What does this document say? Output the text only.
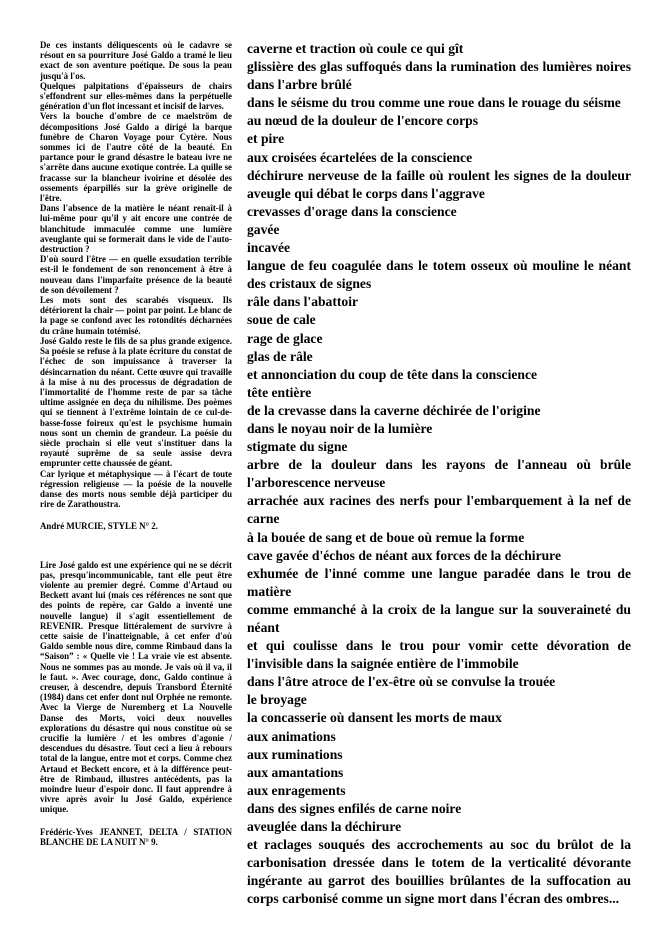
De ces instants déliquescents où le cadavre se résout en sa pourriture José Galdo a tramé le lieu exact de son aventure poétique. De sous la peau jusqu'à l'os.

Quelques palpitations d'épaisseurs de chairs s'effondrent sur elles-mêmes dans la perpétuelle génération d'un flot incessant et incisif de larves.

Vers la bouche d'ombre de ce maelström de décompositions José Galdo a dirigé la barque funèbre de Charon Voyage pour Cytère. Nous sommes ici de l'autre côté de la beauté. En partance pour le grand désastre le bateau ivre ne s'arrête dans aucune exotique contrée. La quille se fracasse sur la blancheur ivoirine et désolée des ossements éparpillés sur la grève originelle de l'être.

Dans l'absence de la matière le néant renaît-il à lui-même pour qu'il y ait encore une contrée de blanchitude immaculée comme une lumière aveuglante qui se formerait dans le vide de l'auto-destruction ?

D'où sourd l'être — en quelle exsudation terrible est-il le fondement de son renoncement à être à nouveau dans l'imparfaite présence de la beauté de son dévoilement ?

Les mots sont des scarabés visqueux. Ils détériorent la chair — point par point. Le blanc de la page se confond avec les rotondités décharnées du crâne humain totémisé.

José Galdo reste le fils de sa plus grande exigence. Sa poésie se refuse à la plate écriture du constat de l'échec de son impuissance à traverser la désincarnation du néant. Cette œuvre qui travaille à la mise à nu des processus de dégradation de l'immortalité de l'homme reste de par sa tâche ultime assignée en deça du nihilisme. Des poèmes qui se tiennent à l'extrême lointain de ce cul-de-basse-fosse foireux qu'est le psychisme humain nous sont un chemin de grandeur. La poésie du siècle prochain si elle veut s'instituer dans la royauté suprême de sa seule assise devra emprunter cette chaussée de géant.

Car lyrique et métaphysique — à l'écart de toute régression religieuse — la poésie de la nouvelle danse des morts nous semble déjà participer du rire de Zarathoustra.

André MURCIE, STYLE N° 2.

Lire José galdo est une expérience qui ne se décrit pas, presqu'incommunicable, tant elle peut être violente au premier degré. Comme d'Artaud ou Beckett avant lui (mais ces références ne sont que des points de repère, car Galdo a inventé une nouvelle langue) il s'agit essentiellement de REVENIR. Presque littéralement de survivre à cette saisie de l'inatteignable, à cet enfer d'où Galdo semble nous dire, comme Rimbaud dans la “Saison” : « Quelle vie ! La vraie vie est absente. Nous ne sommes pas au monde. Je vais où il va, il le faut. ». Avec courage, donc, Galdo continue à creuser, à descendre, depuis Transbord Éternité (1984) dans cet enfer dont nul Orphée ne remonte. Avec la Vierge de Nuremberg et La Nouvelle Danse des Morts, voici deux nouvelles explorations du désastre qui nous constitue où se crucifie la lumière / et les ombres d'agonie / descendues du désastre. Tout ceci a lieu à rebours total de la langue, entre mot et corps. Comme chez Artaud et Beckett encore, et à la différence peut-être de Rimbaud, illustres antécédents, pas la moindre lueur d'espoir donc. Il faut apprendre à vivre après avoir lu José Galdo, expérience unique.

Frédéric-Yves JEANNET, DELTA / STATION BLANCHE DE LA NUIT N° 9.

caverne et traction où coule ce qui gît
glissière des glas suffoqués dans la rumination des lumières noires dans l'arbre brûlé
dans le séisme du trou comme une roue dans le rouage du séisme
au nœud de la douleur de l'encore corps
et pire
aux croisées écartelées de la conscience
déchirure nerveuse de la faille où roulent les signes de la douleur aveugle qui débat le corps dans l'aggrave
crevasses d'orage dans la conscience
gavée
incavée
langue de feu coagulée dans le totem osseux où mouline le néant des cristaux de signes
râle dans l'abattoir
soue de cale
rage de glace
glas de râle
et annonciation du coup de tête dans la conscience
tête entière
de la crevasse dans la caverne déchirée de l'origine
dans le noyau noir de la lumière
stigmate du signe
arbre de la douleur dans les rayons de l'anneau où brûle l'arborescence nerveuse
arrachée aux racines des nerfs pour l'embarquement à la nef de carne
à la bouée de sang et de boue où remue la forme
cave gavée d'échos de néant aux forces de la déchirure
exhumée de l'inné comme une langue paradée dans le trou de matière
comme emmanché à la croix de la langue sur la souveraineté du néant
et qui coulisse dans le trou pour vomir cette dévoration de l'invisible dans la saignée entière de l'immobile
dans l'âtre atroce de l'ex-être où se convulse la trouée
le broyage
la concasserie où dansent les morts de maux
aux animations
aux ruminations
aux amantations
aux enragements
dans des signes enfilés de carne noire
aveuglée dans la déchirure
et raclages souqués des accrochements au soc du brûlot de la carbonisation dressée dans le totem de la verticalité dévorante ingérante au garrot des bouillies brûlantes de la suffocation au corps carbonisé comme un signe mort dans l'écran des ombres...
